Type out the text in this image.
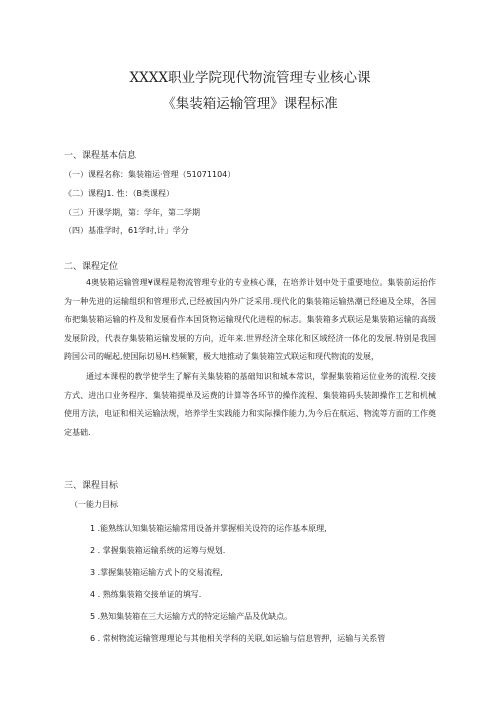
XXXX职业学院现代物流管理专业核心课
《集装箱运输管理》课程标准
一、课程基本信息
（一）课程名称：集装箱运·管理（51071104）
《二）课程J1. 性：（B类课程）
（三）开课学期，第：学年，第二学期
（四）基准学时，61学时,计」学分
二、课程定位
4奥装箱运输管理¥课程是物流管理专业的专业核心课，在培养计划中处于重要地位。集装前运抬作为一种先进的运输组织和管理形式,已经被国内外广泛采用.现代化的集装箱运输热潮已经遍及全球，各国布把集装箱运输的杵及和发展看作本国货物运输现代化进程的标志。集装箱多式联运是集装箱运输的高级发展阶段，代表存集装箱运输发展的方向，近年来.世界经济全球化和区域经济一体化的发展.特别是我国跨国公司的崛起,使国际切易H.档频繁，极大地推动了集装箱笠式联运和现代物流的发展，
通过本课程的教学使学生了解有关集装箱的基础知识和城本常识，掌握集装箱运位业务的流程.交接方式、进出口业务程序、集装箱提单及运费的计算等各环节的操作流程、集装箱码头装卸操作工艺和机械使用方法，电证和相关运输法规，培养学生实践能力和实际操作能力,为今后在航运、物流等方面的工作奠定基础.
三、课程目标
（一能力目标
1 .能熟练认知集装箱运输常用设备并掌握相关设符的运作基本原理,
2 . 掌握集装箱运输系统的运筹与规划.
3 .掌握集装箱运输方式卜的交易流程,
4 . 熟练集装箱交接单证的填写.
5 .熟知集装箱在三大运输方式的特定运输产品及优缺点。
6 . 常树物流运输管理理论与其他相关学科的关联,如运输与信息管押，运输与关系管
